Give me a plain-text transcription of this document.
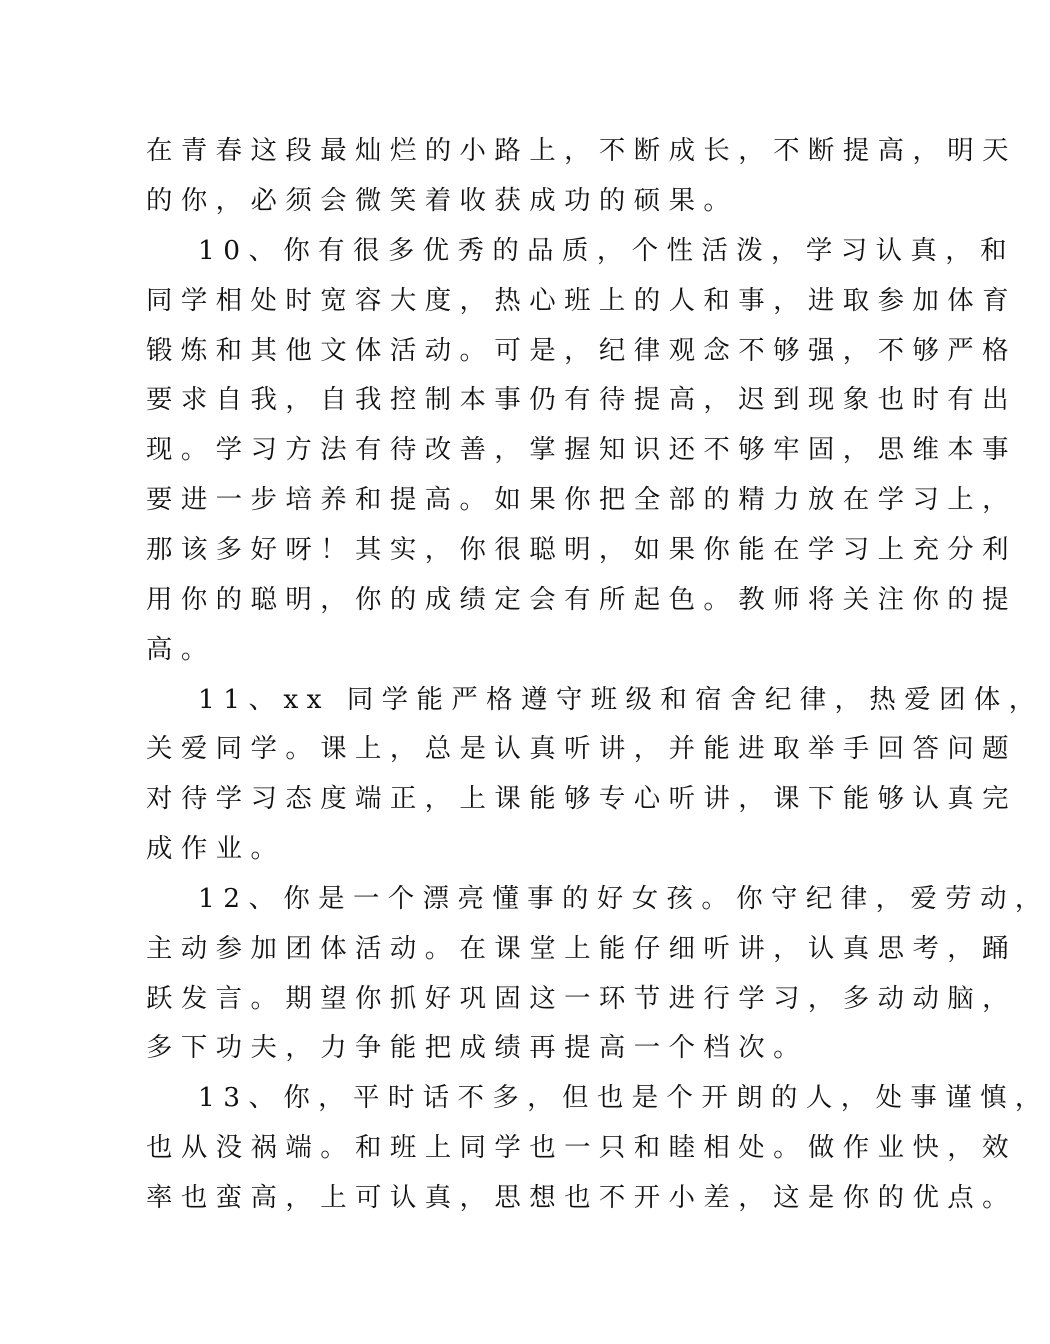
在青春这段最灿烂的小路上，不断成长，不断提高，明天
的你，必须会微笑着收获成功的硕果。
10、你有很多优秀的品质，个性活泼，学习认真，和
同学相处时宽容大度，热心班上的人和事，进取参加体育
锻炼和其他文体活动。可是，纪律观念不够强，不够严格
要求自我，自我控制本事仍有待提高，迟到现象也时有出
现。学习方法有待改善，掌握知识还不够牢固，思维本事
要进一步培养和提高。如果你把全部的精力放在学习上，
那该多好呀！其实，你很聪明，如果你能在学习上充分利
用你的聪明，你的成绩定会有所起色。教师将关注你的提
高。
11、xx 同学能严格遵守班级和宿舍纪律，热爱团体，
关爱同学。课上，总是认真听讲，并能进取举手回答问题
对待学习态度端正，上课能够专心听讲，课下能够认真完
成作业。
12、你是一个漂亮懂事的好女孩。你守纪律，爱劳动，
主动参加团体活动。在课堂上能仔细听讲，认真思考，踊
跃发言。期望你抓好巩固这一环节进行学习，多动动脑，
多下功夫，力争能把成绩再提高一个档次。
13、你，平时话不多，但也是个开朗的人，处事谨慎，
也从没祸端。和班上同学也一只和睦相处。做作业快，效
率也蛮高，上可认真，思想也不开小差，这是你的优点。
